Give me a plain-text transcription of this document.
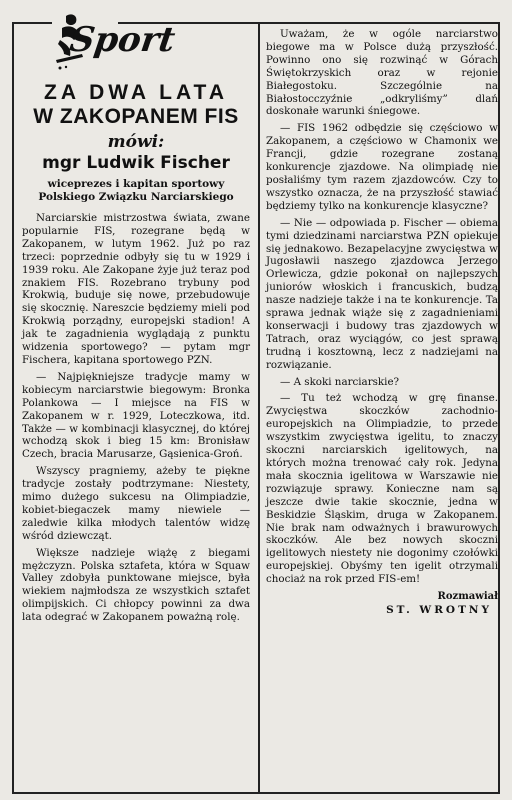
Sport
ZA DWA LATA
W ZAKOPANEM FIS
mówi:
mgr Ludwik Fischer
wiceprezes i kapitan sportowy Polskiego Związku Narciarskiego

Narciarskie mistrzostwa świata, zwane popularnie FIS, rozegrane będą w Zakopanem, w lutym 1962. Już po raz trzeci: poprzednie odbyły się tu w 1929 i 1939 roku. Ale Zakopane żyje już teraz pod znakiem FIS. Rozebrano trybuny pod Krokwią, buduje się nowe, przebudowuje się skocznię. Nareszcie będziemy mieli pod Krokwią porządny, europejski stadion! A jak te zagadnienia wyglądają z punktu widzenia sportowego? — pytam mgr Fischera, kapitana sportowego PZN.

— Najpiękniejsze tradycje mamy w kobiecym narciarstwie biegowym: Bronka Polankowa — I miejsce na FIS w Zakopanem w r. 1929, Loteczkowa, itd. Także — w kombinacji klasycznej, do której wchodzą skok i bieg 15 km: Bronisław Czech, bracia Marusarze, Gąsienica-Groń.

Wszyscy pragniemy, ażeby te piękne tradycje zostały podtrzymane: Niestety, mimo dużego sukcesu na Olimpiadzie, kobiet-biegaczek mamy niewiele — zaledwie kilka młodych talentów widzę wśród dziewcząt.

Większe nadzieje wiążę z biegami mężczyzn. Polska sztafeta, która w Squaw Valley zdobyła punktowane miejsce, była wiekiem najmłodsza ze wszystkich sztafet olimpijskich. Ci chłopcy powinni za dwa lata odegrać w Zakopanem poważną rolę.

Uważam, że w ogóle narciarstwo biegowe ma w Polsce dużą przyszłość. Powinno ono się rozwinąć w Górach Świętokrzyskich oraz w rejonie Białegostoku. Szczególnie na Białostocczyźnie „odkryliśmy” dlań doskonałe warunki śniegowe.

— FIS 1962 odbędzie się częściowo w Zakopanem, a częściowo w Chamonix we Francji, gdzie rozegrane zostaną konkurencje zjazdowe. Na olimpiadę nie posłaliśmy tym razem zjazdowców. Czy to wszystko oznacza, że na przyszłość stawiać będziemy tylko na konkurencje klasyczne?

— Nie — odpowiada p. Fischer — obiema tymi dziedzinami narciarstwa PZN opiekuje się jednakowo. Bezapelacyjne zwycięstwa w Jugosławii naszego zjazdowca Jerzego Orlewicza, gdzie pokonał on najlepszych juniorów włoskich i francuskich, budzą nasze nadzieje także i na te konkurencje. Ta sprawa jednak wiąże się z zagadnieniami konserwacji i budowy tras zjazdowych w Tatrach, oraz wyciągów, co jest sprawą trudną i kosztowną, lecz z nadziejami na rozwiązanie.

— A skoki narciarskie?

— Tu też wchodzą w grę finanse. Zwycięstwa skoczków zachodnio-europejskich na Olimpiadzie, to przede wszystkim zwycięstwa igelitu, to znaczy skoczni narciarskich igelitowych, na których można trenować cały rok. Jedyna mała skocznia igelitowa w Warszawie nie rozwiązuje sprawy. Konieczne nam są jeszcze dwie takie skocznie, jedna w Beskidzie Śląskim, druga w Zakopanem. Nie brak nam odważnych i brawurowych skoczków. Ale bez nowych skoczni igelitowych niestety nie dogonimy czołówki europejskiej. Obyśmy ten igelit otrzymali chociaż na rok przed FIS-em!

Rozmawiał
ST. WROTNY
